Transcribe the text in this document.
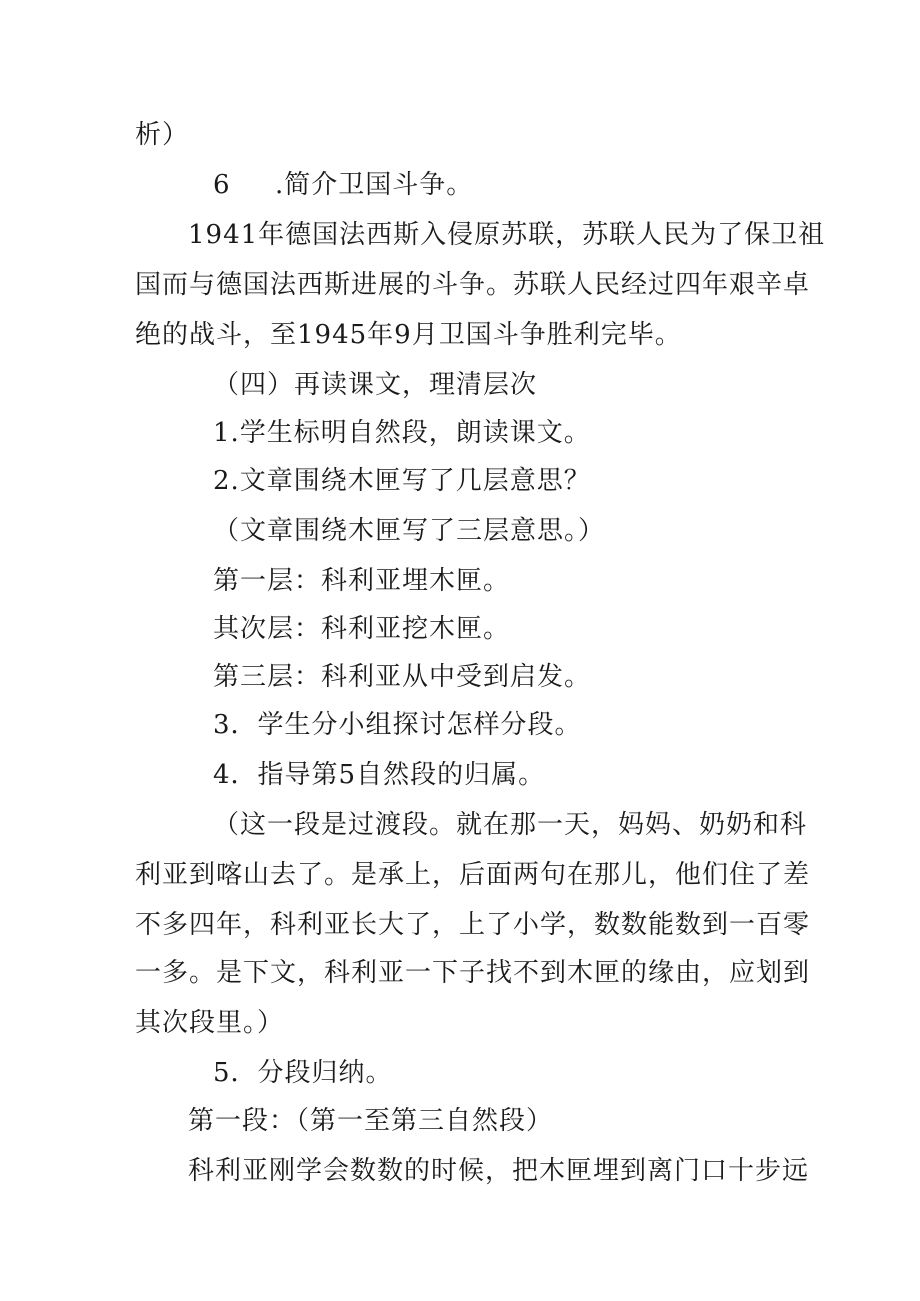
析）
6 .简介卫国斗争。
1941年德国法西斯入侵原苏联，苏联人民为了保卫祖
国而与德国法西斯进展的斗争。苏联人民经过四年艰辛卓
绝的战斗，至1945年9月卫国斗争胜利完毕。
（四）再读课文，理清层次
1.学生标明自然段，朗读课文。
2.文章围绕木匣写了几层意思？
（文章围绕木匣写了三层意思。）
第一层：科利亚埋木匣。
其次层：科利亚挖木匣。
第三层：科利亚从中受到启发。
3．学生分小组探讨怎样分段。
4．指导第5自然段的归属。
（这一段是过渡段。就在那一天，妈妈、奶奶和科
利亚到喀山去了。是承上，后面两句在那儿，他们住了差
不多四年，科利亚长大了，上了小学，数数能数到一百零
一多。是下文，科利亚一下子找不到木匣的缘由，应划到
其次段里。）
5．分段归纳。
第一段：（第一至第三自然段）
科利亚刚学会数数的时候，把木匣埋到离门口十步远
